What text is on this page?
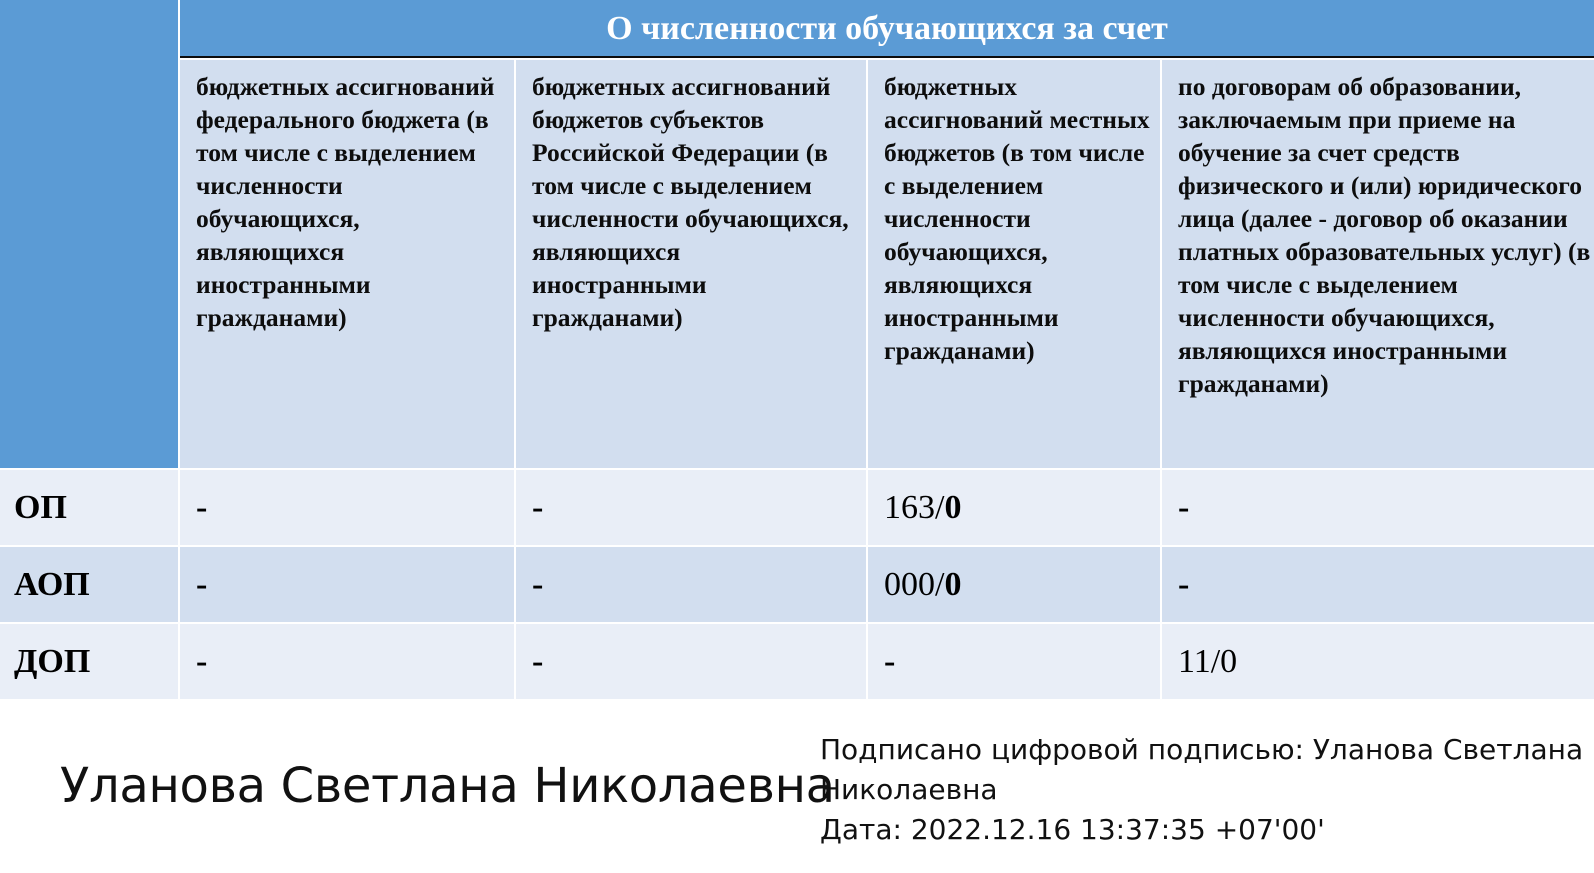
О численности обучающихся за счет
бюджетных ассигнований федерального бюджета (в том числе с выделением численности обучающихся, являющихся иностранными гражданами)
бюджетных ассигнований бюджетов субъектов Российской Федерации (в том числе с выделением численности обучающихся, являющихся иностранными гражданами)
бюджетных ассигнований местных бюджетов (в том числе с выделением численности обучающихся, являющихся иностранными гражданами)
по договорам об образовании, заключаемым при приеме на обучение за счет средств физического и (или) юридического лица (далее - договор об оказании платных образовательных услуг) (в том числе с выделением численности обучающихся, являющихся иностранными гражданами)
ОП	-	-	163/ 0	-
АОП	-	-	000/ 0	-
ДОП	-	-	-	11/0
Уланова Светлана Николаевна
Подписано цифровой подписью: Уланова Светлана
Николаевна
Дата: 2022.12.16 13:37:35 +07'00'
